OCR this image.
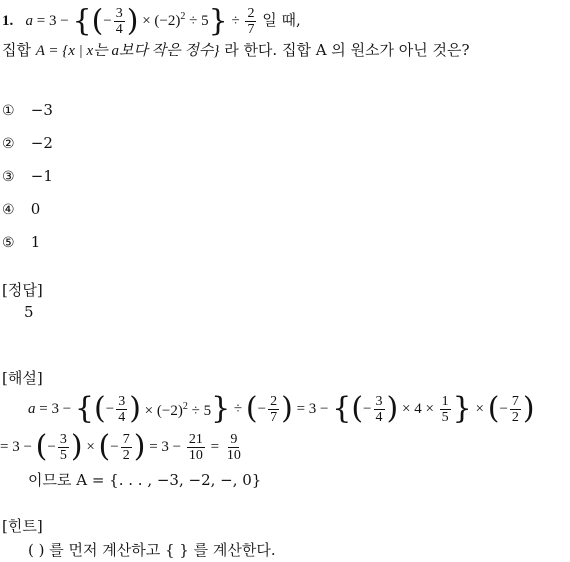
1.   a = 3 − {(− $\frac{3}{4}$ ) × $(-2)^2 \div 5\} \div \frac{2}{7}$ 일 때,
집합 A = {x | x는 a보다 작은 정수} 라 한다. 집합 A 의 원소가 아닌 것은?
① −3
② −2
③ −1
④ 0
⑤ 1
[정답]
5
[해설]
a = 3 − { ( − $\frac{3}{4}$ ) × $(-2)^2 \div 5$ } ÷ ( − $\frac{2}{7}$ ) = 3 − { ( − $\frac{3}{4}$ ) × $4 \times \frac{1}{5}$ } × ( − $\frac{7}{2}$ )
= 3 − ( − $\frac{3}{5}$ ) × ( − $\frac{7}{2}$ ) = $3 - \frac{21}{10} = \frac{9}{10}$
이므로 A = {. . . , −3, −2, −, 0}
[힌트]
( ) 를 먼저 계산하고 { } 를 계산한다.
